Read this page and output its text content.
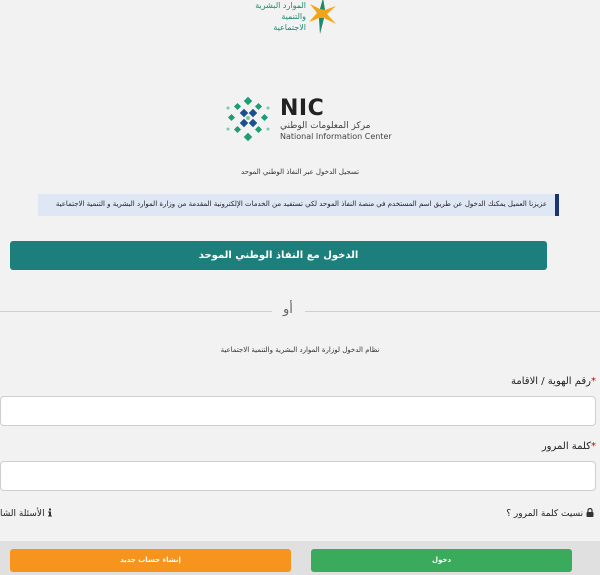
الموارد البشرية
والتنمية الاجتماعية
NIC
مركز المعلومات الوطني
National Information Center
تسجيل الدخول عبر النفاذ الوطني الموحد
عزيزنا العميل يمكنك الدخول عن طريق اسم المستخدم في منصة النفاذ الموحد لكي تستفيد من الخدمات الإلكترونية المقدمة من وزارة الموارد البشرية و التنمية الاجتماعية
الدخول مع النفاذ الوطني الموحد
أو
نظام الدخول لوزارة الموارد البشرية والتنمية الاجتماعية
*رقم الهوية / الاقامة
*كلمة المرور
نسيت كلمة المرور ؟
الأسئلة الشا
إنشاء حساب جديد	دخول
